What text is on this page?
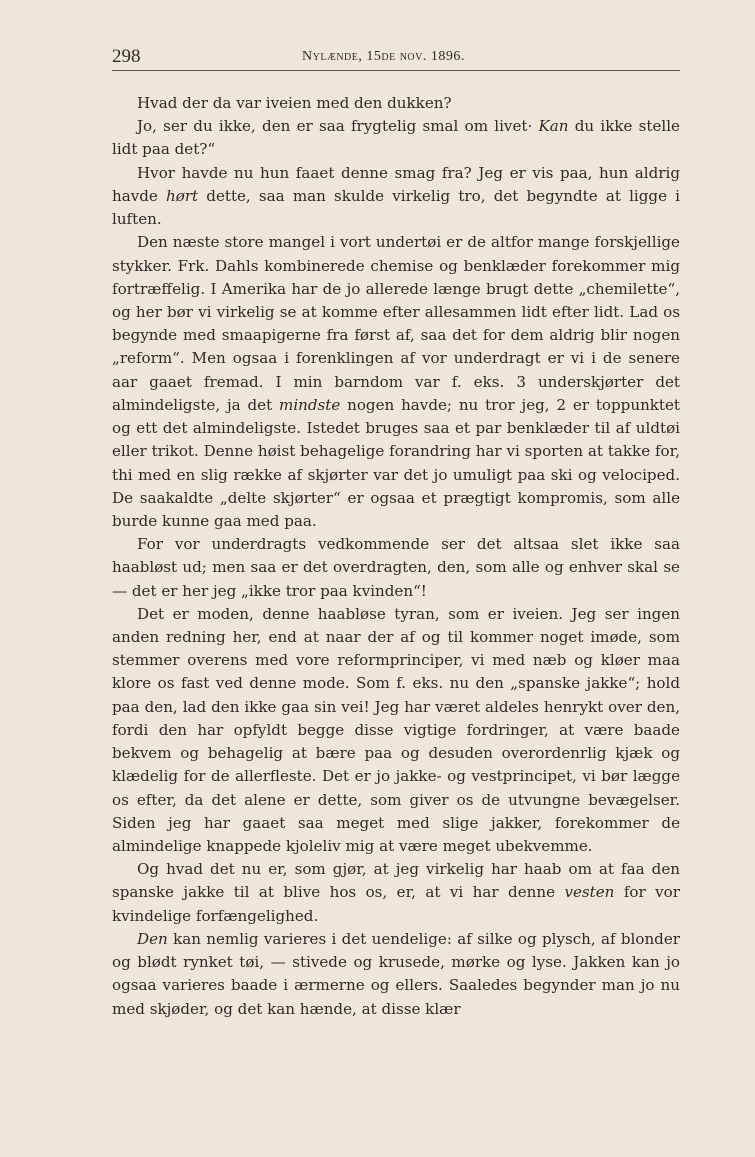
298	Nylænde, 15de nov. 1896.

Hvad der da var iveien med den dukken?

Jo, ser du ikke, den er saa frygtelig smal om livet· Kan du ikke stelle lidt paa det?“

Hvor havde nu hun faaet denne smag fra? Jeg er vis paa, hun aldrig havde hørt dette, saa man skulde virkelig tro, det begyndte at ligge i luften.

Den næste store mangel i vort undertøi er de altfor mange forskjellige stykker. Frk. Dahls kombinerede chemise og benklæder forekommer mig fortræffelig. I Amerika har de jo allerede længe brugt dette „chemilette“, og her bør vi virkelig se at komme efter allesammen lidt efter lidt. Lad os begynde med smaapigerne fra først af, saa det for dem aldrig blir nogen „reform“. Men ogsaa i forenklingen af vor underdragt er vi i de senere aar gaaet fremad. I min barndom var f. eks. 3 underskjørter det almindeligste, ja det mindste nogen havde; nu tror jeg, 2 er toppunktet og ett det almindeligste. Istedet bruges saa et par benklæder til af uldtøi eller trikot. Denne høist behagelige forandring har vi sporten at takke for, thi med en slig række af skjørter var det jo umuligt paa ski og velociped. De saakaldte „delte skjørter“ er ogsaa et prægtigt kompromis, som alle burde kunne gaa med paa.

For vor underdragts vedkommende ser det altsaa slet ikke saa haabløst ud; men saa er det overdragten, den, som alle og enhver skal se — det er her jeg „ikke tror paa kvinden“!

Det er moden, denne haabløse tyran, som er iveien. Jeg ser ingen anden redning her, end at naar der af og til kommer noget imøde, som stemmer overens med vore reformprinciper, vi med næb og kløer maa klore os fast ved denne mode. Som f. eks. nu den „spanske jakke“; hold paa den, lad den ikke gaa sin vei! Jeg har været aldeles henrykt over den, fordi den har opfyldt begge disse vigtige fordringer, at være baade bekvem og behagelig at bære paa og desuden overordenrlig kjæk og klædelig for de allerfleste. Det er jo jakke- og vestprincipet, vi bør lægge os efter, da det alene er dette, som giver os de utvungne bevægelser. Siden jeg har gaaet saa meget med slige jakker, forekommer de almindelige knappede kjoleliv mig at være meget ubekvemme.

Og hvad det nu er, som gjør, at jeg virkelig har haab om at faa den spanske jakke til at blive hos os, er, at vi har denne vesten for vor kvindelige forfængelighed.

Den kan nemlig varieres i det uendelige: af silke og plysch, af blonder og blødt rynket tøi, — stivede og krusede, mørke og lyse. Jakken kan jo ogsaa varieres baade i ærmerne og ellers. Saaledes begynder man jo nu med skjøder, og det kan hænde, at disse klær
